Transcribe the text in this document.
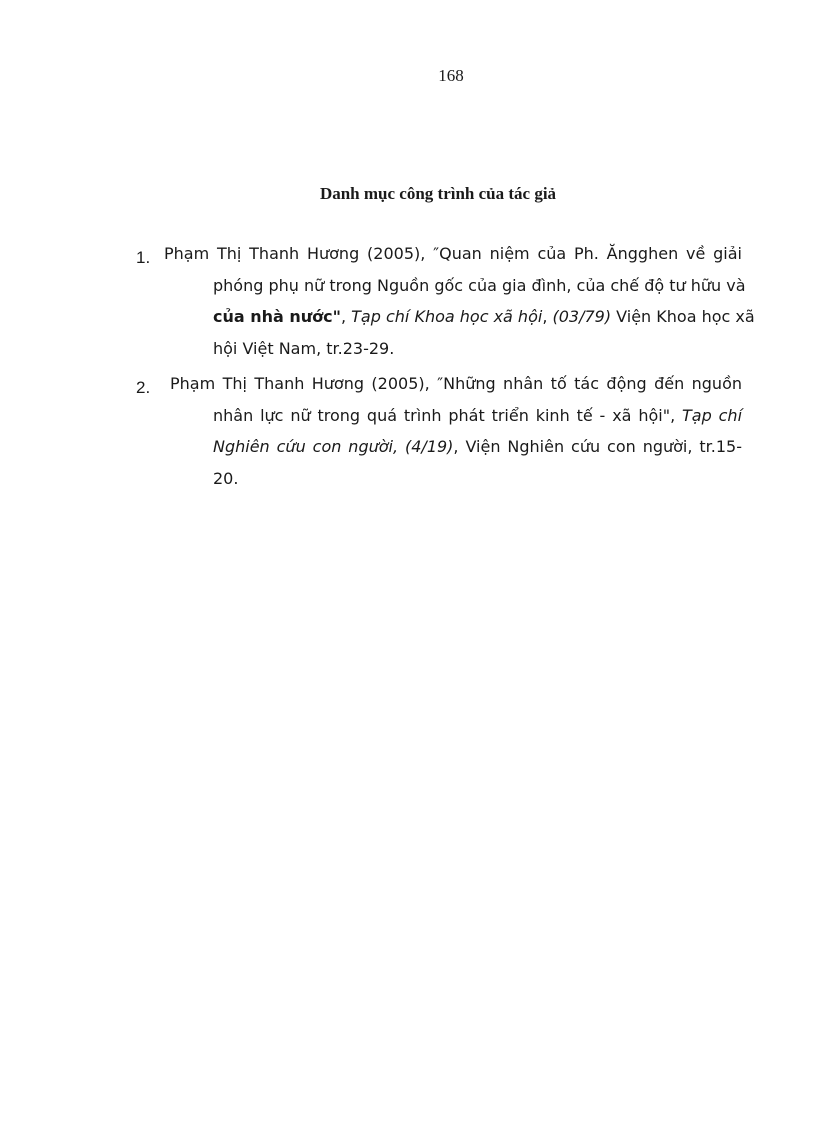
168
Danh mục công trình của tác giả
1. Phạm Thị Thanh Hương (2005), ″Quan niệm của Ph. Ăngghen về giải
phóng phụ nữ trong Nguồn gốc của gia đình, của chế độ tư hữu và
của nhà nước", Tạp chí Khoa học xã hội, (03/79) Viện Khoa học xã
hội Việt Nam, tr.23-29.
2.	Phạm Thị Thanh Hương (2005), ″Những nhân tố tác động đến nguồn
nhân lực nữ trong quá trình phát triển kinh tế - xã hội", Tạp chí
Nghiên cứu con người, (4/19), Viện Nghiên cứu con người, tr.15-
20.
